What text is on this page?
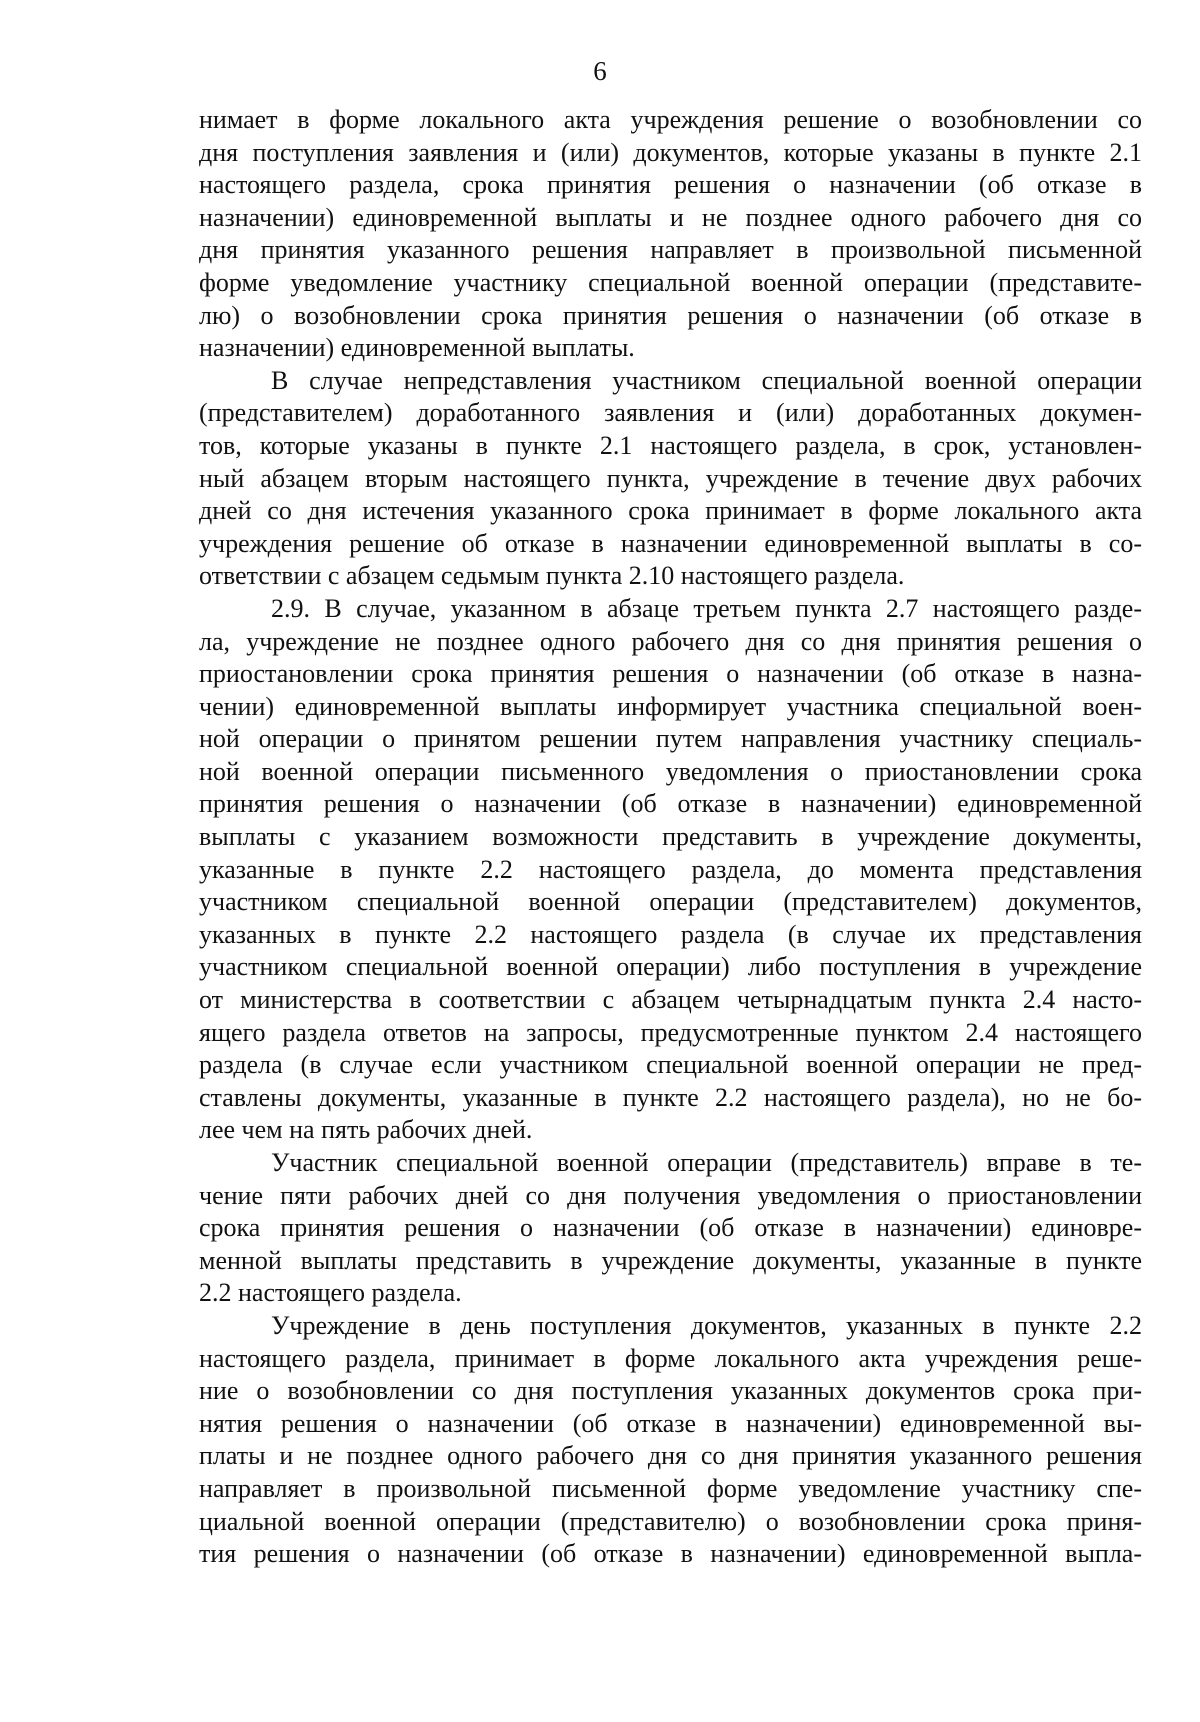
6
нимает в форме локального акта учреждения решение о возобновлении со
дня поступления заявления и (или) документов, которые указаны в пункте 2.1
настоящего раздела, срока принятия решения о назначении (об отказе в
назначении) единовременной выплаты и не позднее одного рабочего дня со
дня принятия указанного решения направляет в произвольной письменной
форме уведомление участнику специальной военной операции (представите-
лю) о возобновлении срока принятия решения о назначении (об отказе в
назначении) единовременной выплаты.
В случае непредставления участником специальной военной операции
(представителем) доработанного заявления и (или) доработанных докумен-
тов, которые указаны в пункте 2.1 настоящего раздела, в срок, установлен-
ный абзацем вторым настоящего пункта, учреждение в течение двух рабочих
дней со дня истечения указанного срока принимает в форме локального акта
учреждения решение об отказе в назначении единовременной выплаты в со-
ответствии с абзацем седьмым пункта 2.10 настоящего раздела.
2.9. В случае, указанном в абзаце третьем пункта 2.7 настоящего разде-
ла, учреждение не позднее одного рабочего дня со дня принятия решения о
приостановлении срока принятия решения о назначении (об отказе в назна-
чении) единовременной выплаты информирует участника специальной воен-
ной операции о принятом решении путем направления участнику специаль-
ной военной операции письменного уведомления о приостановлении срока
принятия решения о назначении (об отказе в назначении) единовременной
выплаты с указанием возможности представить в учреждение документы,
указанные в пункте 2.2 настоящего раздела, до момента представления
участником специальной военной операции (представителем) документов,
указанных в пункте 2.2 настоящего раздела (в случае их представления
участником специальной военной операции) либо поступления в учреждение
от министерства в соответствии с абзацем четырнадцатым пункта 2.4 насто-
ящего раздела ответов на запросы, предусмотренные пунктом 2.4 настоящего
раздела (в случае если участником специальной военной операции не пред-
ставлены документы, указанные в пункте 2.2 настоящего раздела), но не бо-
лее чем на пять рабочих дней.
Участник специальной военной операции (представитель) вправе в те-
чение пяти рабочих дней со дня получения уведомления о приостановлении
срока принятия решения о назначении (об отказе в назначении) единовре-
менной выплаты представить в учреждение документы, указанные в пункте
2.2 настоящего раздела.
Учреждение в день поступления документов, указанных в пункте 2.2
настоящего раздела, принимает в форме локального акта учреждения реше-
ние о возобновлении со дня поступления указанных документов срока при-
нятия решения о назначении (об отказе в назначении) единовременной вы-
платы и не позднее одного рабочего дня со дня принятия указанного решения
направляет в произвольной письменной форме уведомление участнику спе-
циальной военной операции (представителю) о возобновлении срока приня-
тия решения о назначении (об отказе в назначении) единовременной выпла-
